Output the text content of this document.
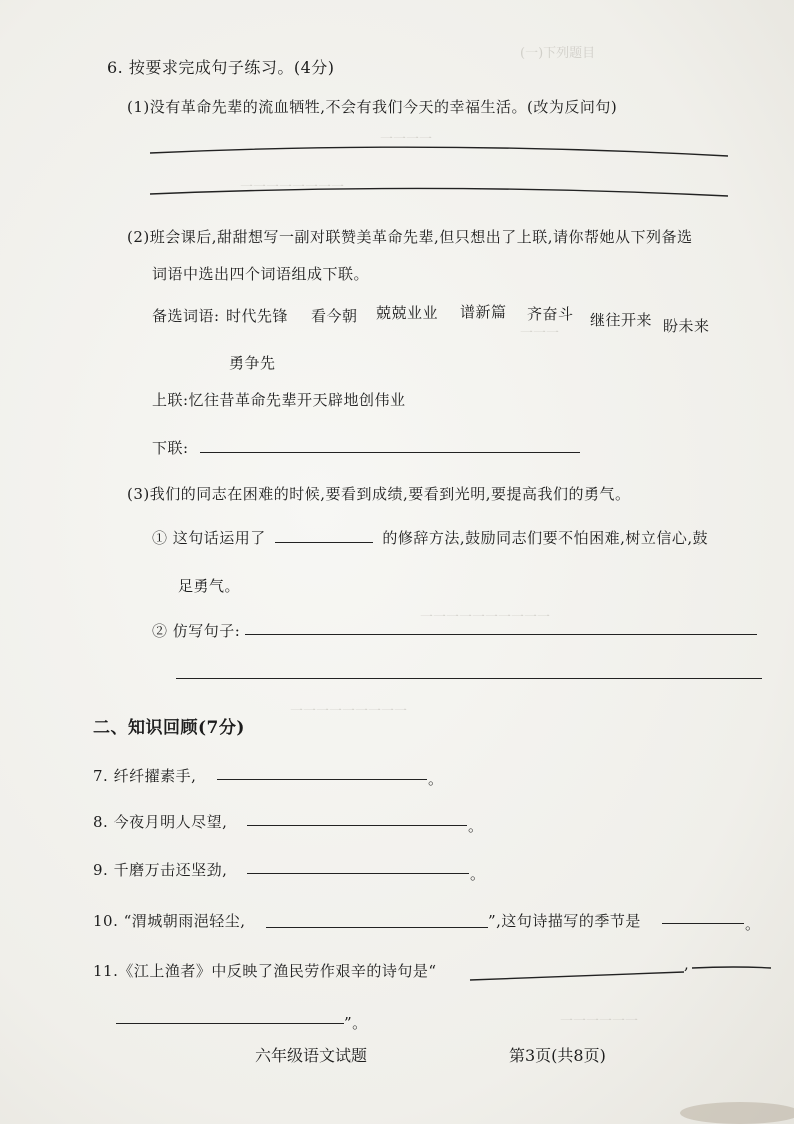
(一)下列题目
一一一一
一一一一一一一一
一一一
一一一一一一一一一一
一一一一一一一一一
一一一一一一
6. 按要求完成句子练习。(4分)
(1)没有革命先辈的流血牺牲,不会有我们今天的幸福生活。(改为反问句)
(2)班会课后,甜甜想写一副对联赞美革命先辈,但只想出了上联,请你帮她从下列备选
词语中选出四个词语组成下联。
备选词语: 时代先锋 看今朝 兢兢业业 谱新篇 齐奋斗 继往开来 盼未来
勇争先
上联:忆往昔革命先辈开天辟地创伟业
下联:
(3)我们的同志在困难的时候,要看到成绩,要看到光明,要提高我们的勇气。
① 这句话运用了	的修辞方法,鼓励同志们要不怕困难,树立信心,鼓
足勇气。
② 仿写句子:
二、知识回顾(7分)
7. 纤纤擢素手,	。
8. 今夜月明人尽望,	。
9. 千磨万击还坚劲,	。
10. “渭城朝雨浥轻尘,	”,这句诗描写的季节是	。
11.《江上渔者》中反映了渔民劳作艰辛的诗句是“	,
”。
六年级语文试题	第3页(共8页)
